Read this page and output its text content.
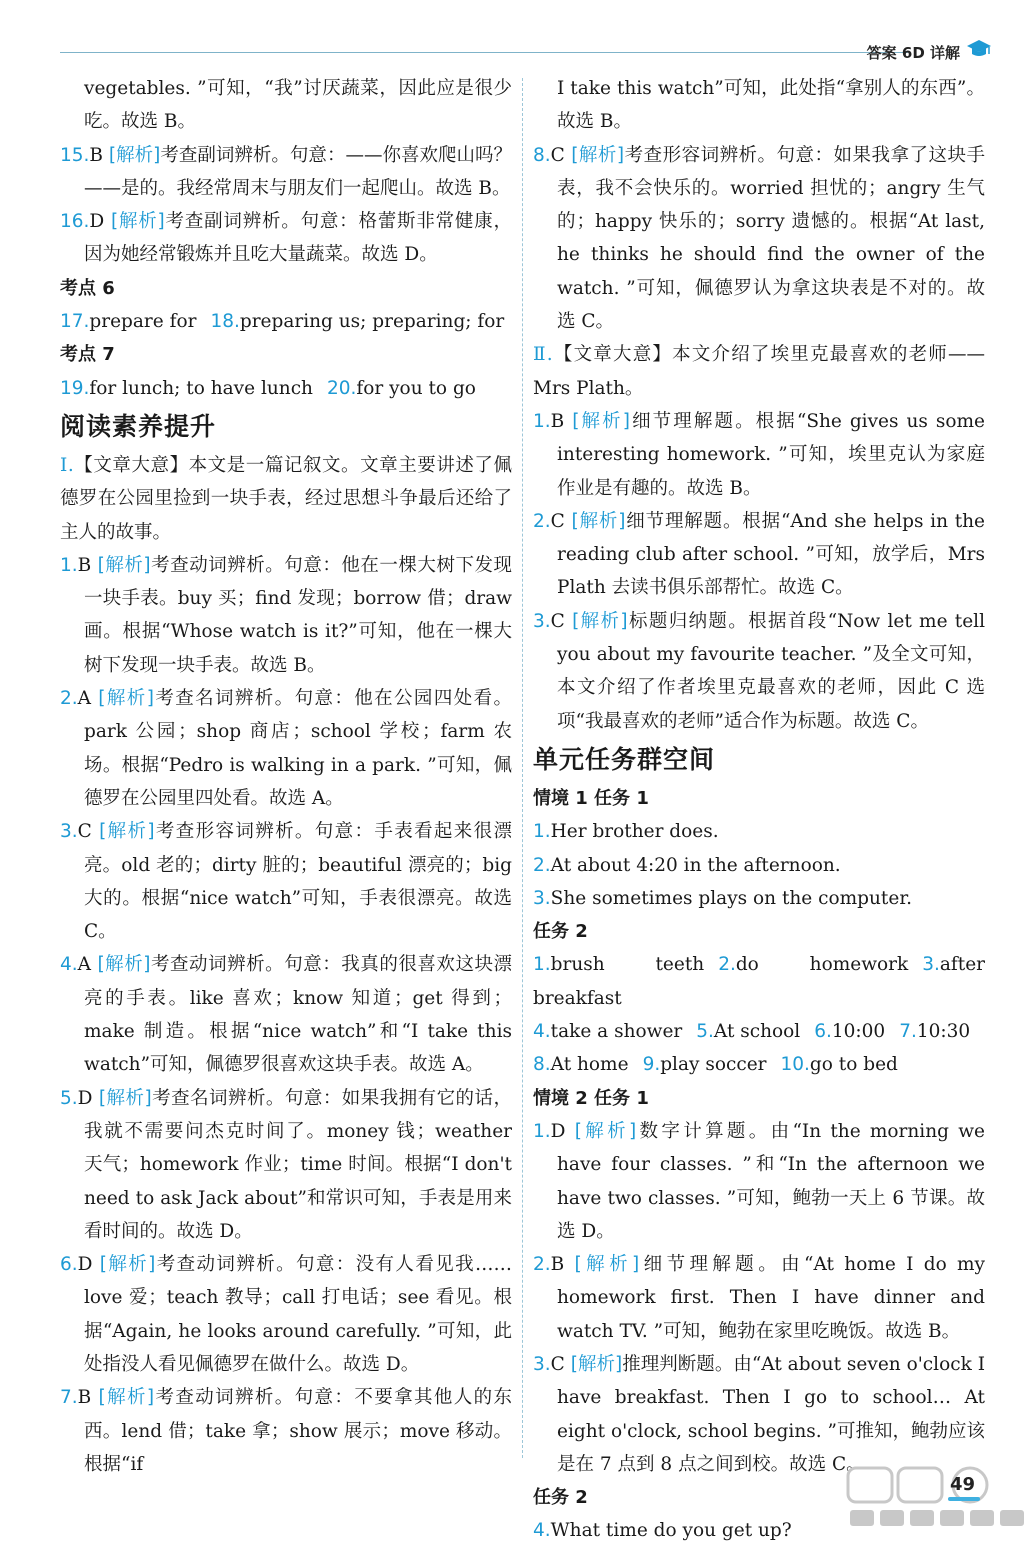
答案 6D 详解

vegetables. ”可知，“我”讨厌蔬菜，因此应是很少吃。故选 B。

15.B [解析]考查副词辨析。句意：——你喜欢爬山吗？——是的。我经常周末与朋友们一起爬山。故选 B。

16.D [解析]考查副词辨析。句意：格蕾斯非常健康，因为她经常锻炼并且吃大量蔬菜。故选 D。

考点 6

17.prepare for 18.preparing us; preparing; for

考点 7

19.for lunch; to have lunch 20.for you to go

阅读素养提升

Ⅰ.【文章大意】本文是一篇记叙文。文章主要讲述了佩德罗在公园里捡到一块手表，经过思想斗争最后还给了主人的故事。

1.B [解析]考查动词辨析。句意：他在一棵大树下发现一块手表。buy 买；find 发现；borrow 借；draw 画。根据“Whose watch is it?”可知，他在一棵大树下发现一块手表。故选 B。

2.A [解析]考查名词辨析。句意：他在公园四处看。park 公园；shop 商店；school 学校；farm 农场。根据“Pedro is walking in a park. ”可知，佩德罗在公园里四处看。故选 A。

3.C [解析]考查形容词辨析。句意：手表看起来很漂亮。old 老的；dirty 脏的；beautiful 漂亮的；big 大的。根据“nice watch”可知，手表很漂亮。故选 C。

4.A [解析]考查动词辨析。句意：我真的很喜欢这块漂亮的手表。like 喜欢；know 知道；get 得到；make 制造。根据“nice watch”和“I take this watch”可知，佩德罗很喜欢这块手表。故选 A。

5.D [解析]考查名词辨析。句意：如果我拥有它的话，我就不需要问杰克时间了。money 钱；weather 天气；homework 作业；time 时间。根据“I don't need to ask Jack about”和常识可知，手表是用来看时间的。故选 D。

6.D [解析]考查动词辨析。句意：没有人看见我……love 爱；teach 教导；call 打电话；see 看见。根据“Again, he looks around carefully. ”可知，此处指没人看见佩德罗在做什么。故选 D。

7.B [解析]考查动词辨析。句意：不要拿其他人的东西。lend 借；take 拿；show 展示；move 移动。根据“if

I take this watch”可知，此处指“拿别人的东西”。故选 B。

8.C [解析]考查形容词辨析。句意：如果我拿了这块手表，我不会快乐的。worried 担忧的；angry 生气的；happy 快乐的；sorry 遗憾的。根据“At last, he thinks he should find the owner of the watch. ”可知，佩德罗认为拿这块表是不对的。故选 C。

Ⅱ.【文章大意】本文介绍了埃里克最喜欢的老师——Mrs Plath。

1.B [解析]细节理解题。根据“She gives us some interesting homework. ”可知，埃里克认为家庭作业是有趣的。故选 B。

2.C [解析]细节理解题。根据“And she helps in the reading club after school. ”可知，放学后，Mrs Plath 去读书俱乐部帮忙。故选 C。

3.C [解析]标题归纳题。根据首段“Now let me tell you about my favourite teacher. ”及全文可知，本文介绍了作者埃里克最喜欢的老师，因此 C 选项“我最喜欢的老师”适合作为标题。故选 C。

单元任务群空间

情境 1 任务 1

1.Her brother does.

2.At about 4:20 in the afternoon.

3.She sometimes plays on the computer.

任务 2

1.brush teeth 2.do homework 3.after breakfast

4.take a shower 5.At school 6.10:00 7.10:30

8.At home 9.play soccer 10.go to bed

情境 2 任务 1

1.D [解析]数字计算题。由“In the morning we have four classes. ”和“In the afternoon we have two classes. ”可知，鲍勃一天上 6 节课。故选 D。

2.B [解析]细节理解题。由“At home I do my homework first. Then I have dinner and watch TV. ”可知，鲍勃在家里吃晚饭。故选 B。

3.C [解析]推理判断题。由“At about seven o'clock I have breakfast. Then I go to school… At eight o'clock, school begins. ”可推知，鲍勃应该是在 7 点到 8 点之间到校。故选 C。

任务 2

4.What time do you get up?

49
